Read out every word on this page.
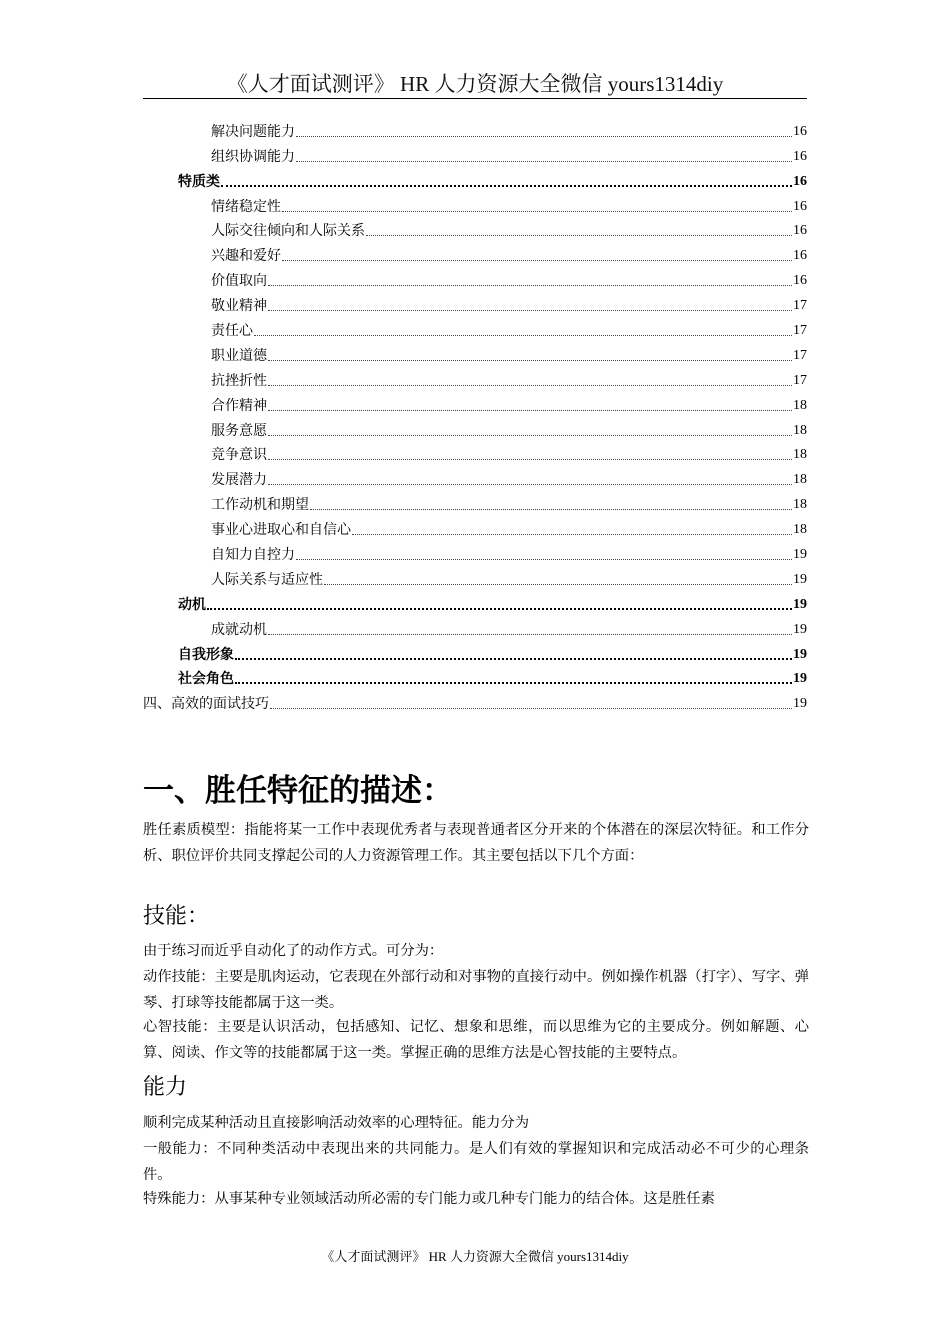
《人才面试测评》 HR 人力资源大全微信 yours1314diy
解决问题能力	16
组织协调能力	16
特质类	16
情绪稳定性	16
人际交往倾向和人际关系	16
兴趣和爱好	16
价值取向	16
敬业精神	17
责任心	17
职业道德	17
抗挫折性	17
合作精神	18
服务意愿	18
竞争意识	18
发展潜力	18
工作动机和期望	18
事业心进取心和自信心	18
自知力自控力	19
人际关系与适应性	19
动机	19
成就动机	19
自我形象	19
社会角色	19
四、高效的面试技巧	19
一、胜任特征的描述：
胜任素质模型：指能将某一工作中表现优秀者与表现普通者区分开来的个体潜在的深层次特征。和工作分析、职位评价共同支撑起公司的人力资源管理工作。其主要包括以下几个方面：
技能：
由于练习而近乎自动化了的动作方式。可分为：
动作技能：主要是肌肉运动，它表现在外部行动和对事物的直接行动中。例如操作机器（打字）、写字、弹琴、打球等技能都属于这一类。
心智技能：主要是认识活动，包括感知、记忆、想象和思维，而以思维为它的主要成分。例如解题、心算、阅读、作文等的技能都属于这一类。掌握正确的思维方法是心智技能的主要特点。
能力
顺利完成某种活动且直接影响活动效率的心理特征。能力分为
一般能力：不同种类活动中表现出来的共同能力。是人们有效的掌握知识和完成活动必不可少的心理条件。
特殊能力：从事某种专业领域活动所必需的专门能力或几种专门能力的结合体。这是胜任素
《人才面试测评》 HR 人力资源大全微信 yours1314diy
